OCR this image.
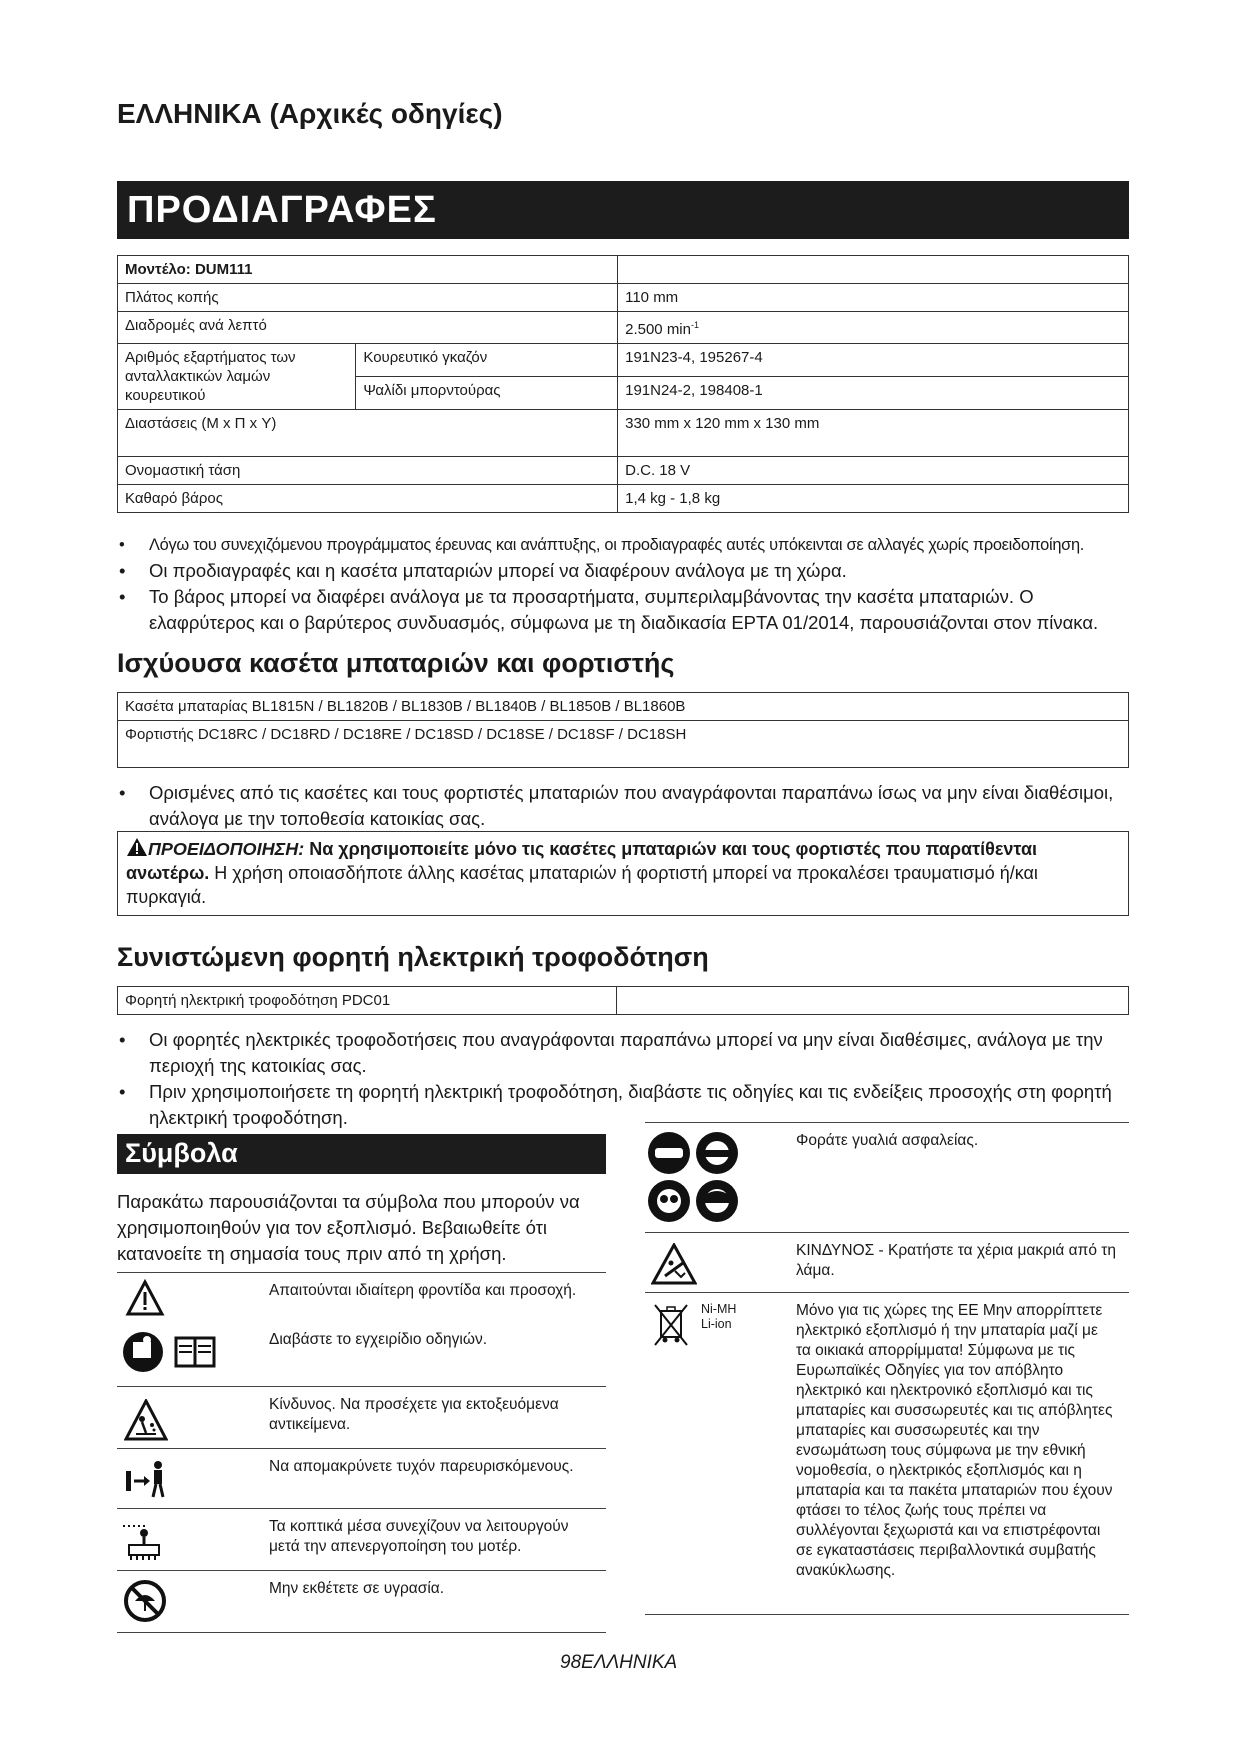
ΕΛΛΗΝΙΚΑ (Αρχικές οδηγίες)
ΠΡΟΔΙΑΓΡΑΦΕΣ
Μοντέλο: DUM111		
Πλάτος κοπής		110 mm
Διαδρομές ανά λεπτό		2.500 $\min^{-1}$
Αριθμός εξαρτήματος των ανταλλακτικών λαμών κουρευτικού	Κουρευτικό γκαζόν	191N23-4, 195267-4
	Ψαλίδι μπορντούρας	191N24-2, 198408-1
Διαστάσεις (Μ x Π x Υ)		330 mm x 120 mm x 130 mm
Ονομαστική τάση		D.C. 18 V
Καθαρό βάρος		1,4 kg - 1,8 kg
• Λόγω του συνεχιζόμενου προγράμματος έρευνας και ανάπτυξης, οι προδιαγραφές αυτές υπόκεινται σε αλλαγές χωρίς προειδοποίηση.
• Οι προδιαγραφές και η κασέτα μπαταριών μπορεί να διαφέρουν ανάλογα με τη χώρα.
• Το βάρος μπορεί να διαφέρει ανάλογα με τα προσαρτήματα, συμπεριλαμβάνοντας την κασέτα μπαταριών. Ο ελαφρύτερος και ο βαρύτερος συνδυασμός, σύμφωνα με τη διαδικασία EPTA 01/2014, παρουσιάζονται στον πίνακα.
Ισχύουσα κασέτα μπαταριών και φορτιστής
Κασέτα μπαταρίας BL1815N / BL1820B / BL1830B / BL1840B / BL1850B / BL1860B
Φορτιστής DC18RC / DC18RD / DC18RE / DC18SD / DC18SE / DC18SF / DC18SH
• Ορισμένες από τις κασέτες και τους φορτιστές μπαταριών που αναγράφονται παραπάνω ίσως να μην είναι διαθέσιμοι, ανάλογα με την τοποθεσία κατοικίας σας.
ΠΡΟΕΙΔΟΠΟΙΗΣΗ: Να χρησιμοποιείτε μόνο τις κασέτες μπαταριών και τους φορτιστές που παρατίθενται ανωτέρω. Η χρήση οποιασδήποτε άλλης κασέτας μπαταριών ή φορτιστή μπορεί να προκαλέσει τραυματισμό ή/και πυρκαγιά.
Συνιστώμενη φορητή ηλεκτρική τροφοδότηση
Φορητή ηλεκτρική τροφοδότηση PDC01	
• Οι φορητές ηλεκτρικές τροφοδοτήσεις που αναγράφονται παραπάνω μπορεί να μην είναι διαθέσιμες, ανάλογα με την περιοχή της κατοικίας σας.
• Πριν χρησιμοποιήσετε τη φορητή ηλεκτρική τροφοδότηση, διαβάστε τις οδηγίες και τις ενδείξεις προσοχής στη φορητή ηλεκτρική τροφοδότηση.
Σύμβολα
Παρακάτω παρουσιάζονται τα σύμβολα που μπορούν να χρησιμοποιηθούν για τον εξοπλισμό. Βεβαιωθείτε ότι κατανοείτε τη σημασία τους πριν από τη χρήση.
Απαιτούνται ιδιαίτερη φροντίδα και προσοχή.
Διαβάστε το εγχειρίδιο οδηγιών.
Κίνδυνος. Να προσέχετε για εκτοξευόμενα αντικείμενα.
Να απομακρύνετε τυχόν παρευρισκόμενους.
Τα κοπτικά μέσα συνεχίζουν να λειτουργούν μετά την απενεργοποίηση του μοτέρ.
Μην εκθέτετε σε υγρασία.
Φοράτε γυαλιά ασφαλείας.
ΚΙΝΔΥΝΟΣ - Κρατήστε τα χέρια μακριά από τη λάμα.
Ni-MH
Li-ion
Μόνο για τις χώρες της ΕΕ Μην απορρίπτετε ηλεκτρικό εξοπλισμό ή την μπαταρία μαζί με τα οικιακά απορρίμματα! Σύμφωνα με τις Ευρωπαϊκές Οδηγίες για τον απόβλητο ηλεκτρικό και ηλεκτρονικό εξοπλισμό και τις μπαταρίες και συσσωρευτές και τις απόβλητες μπαταρίες και συσσωρευτές και την ενσωμάτωση τους σύμφωνα με την εθνική νομοθεσία, ο ηλεκτρικός εξοπλισμός και η μπαταρία και τα πακέτα μπαταριών που έχουν φτάσει το τέλος ζωής τους πρέπει να συλλέγονται ξεχωριστά και να επιστρέφονται σε εγκαταστάσεις περιβαλλοντικά συμβατής ανακύκλωσης.
98ΕΛΛΗΝΙΚΑ
